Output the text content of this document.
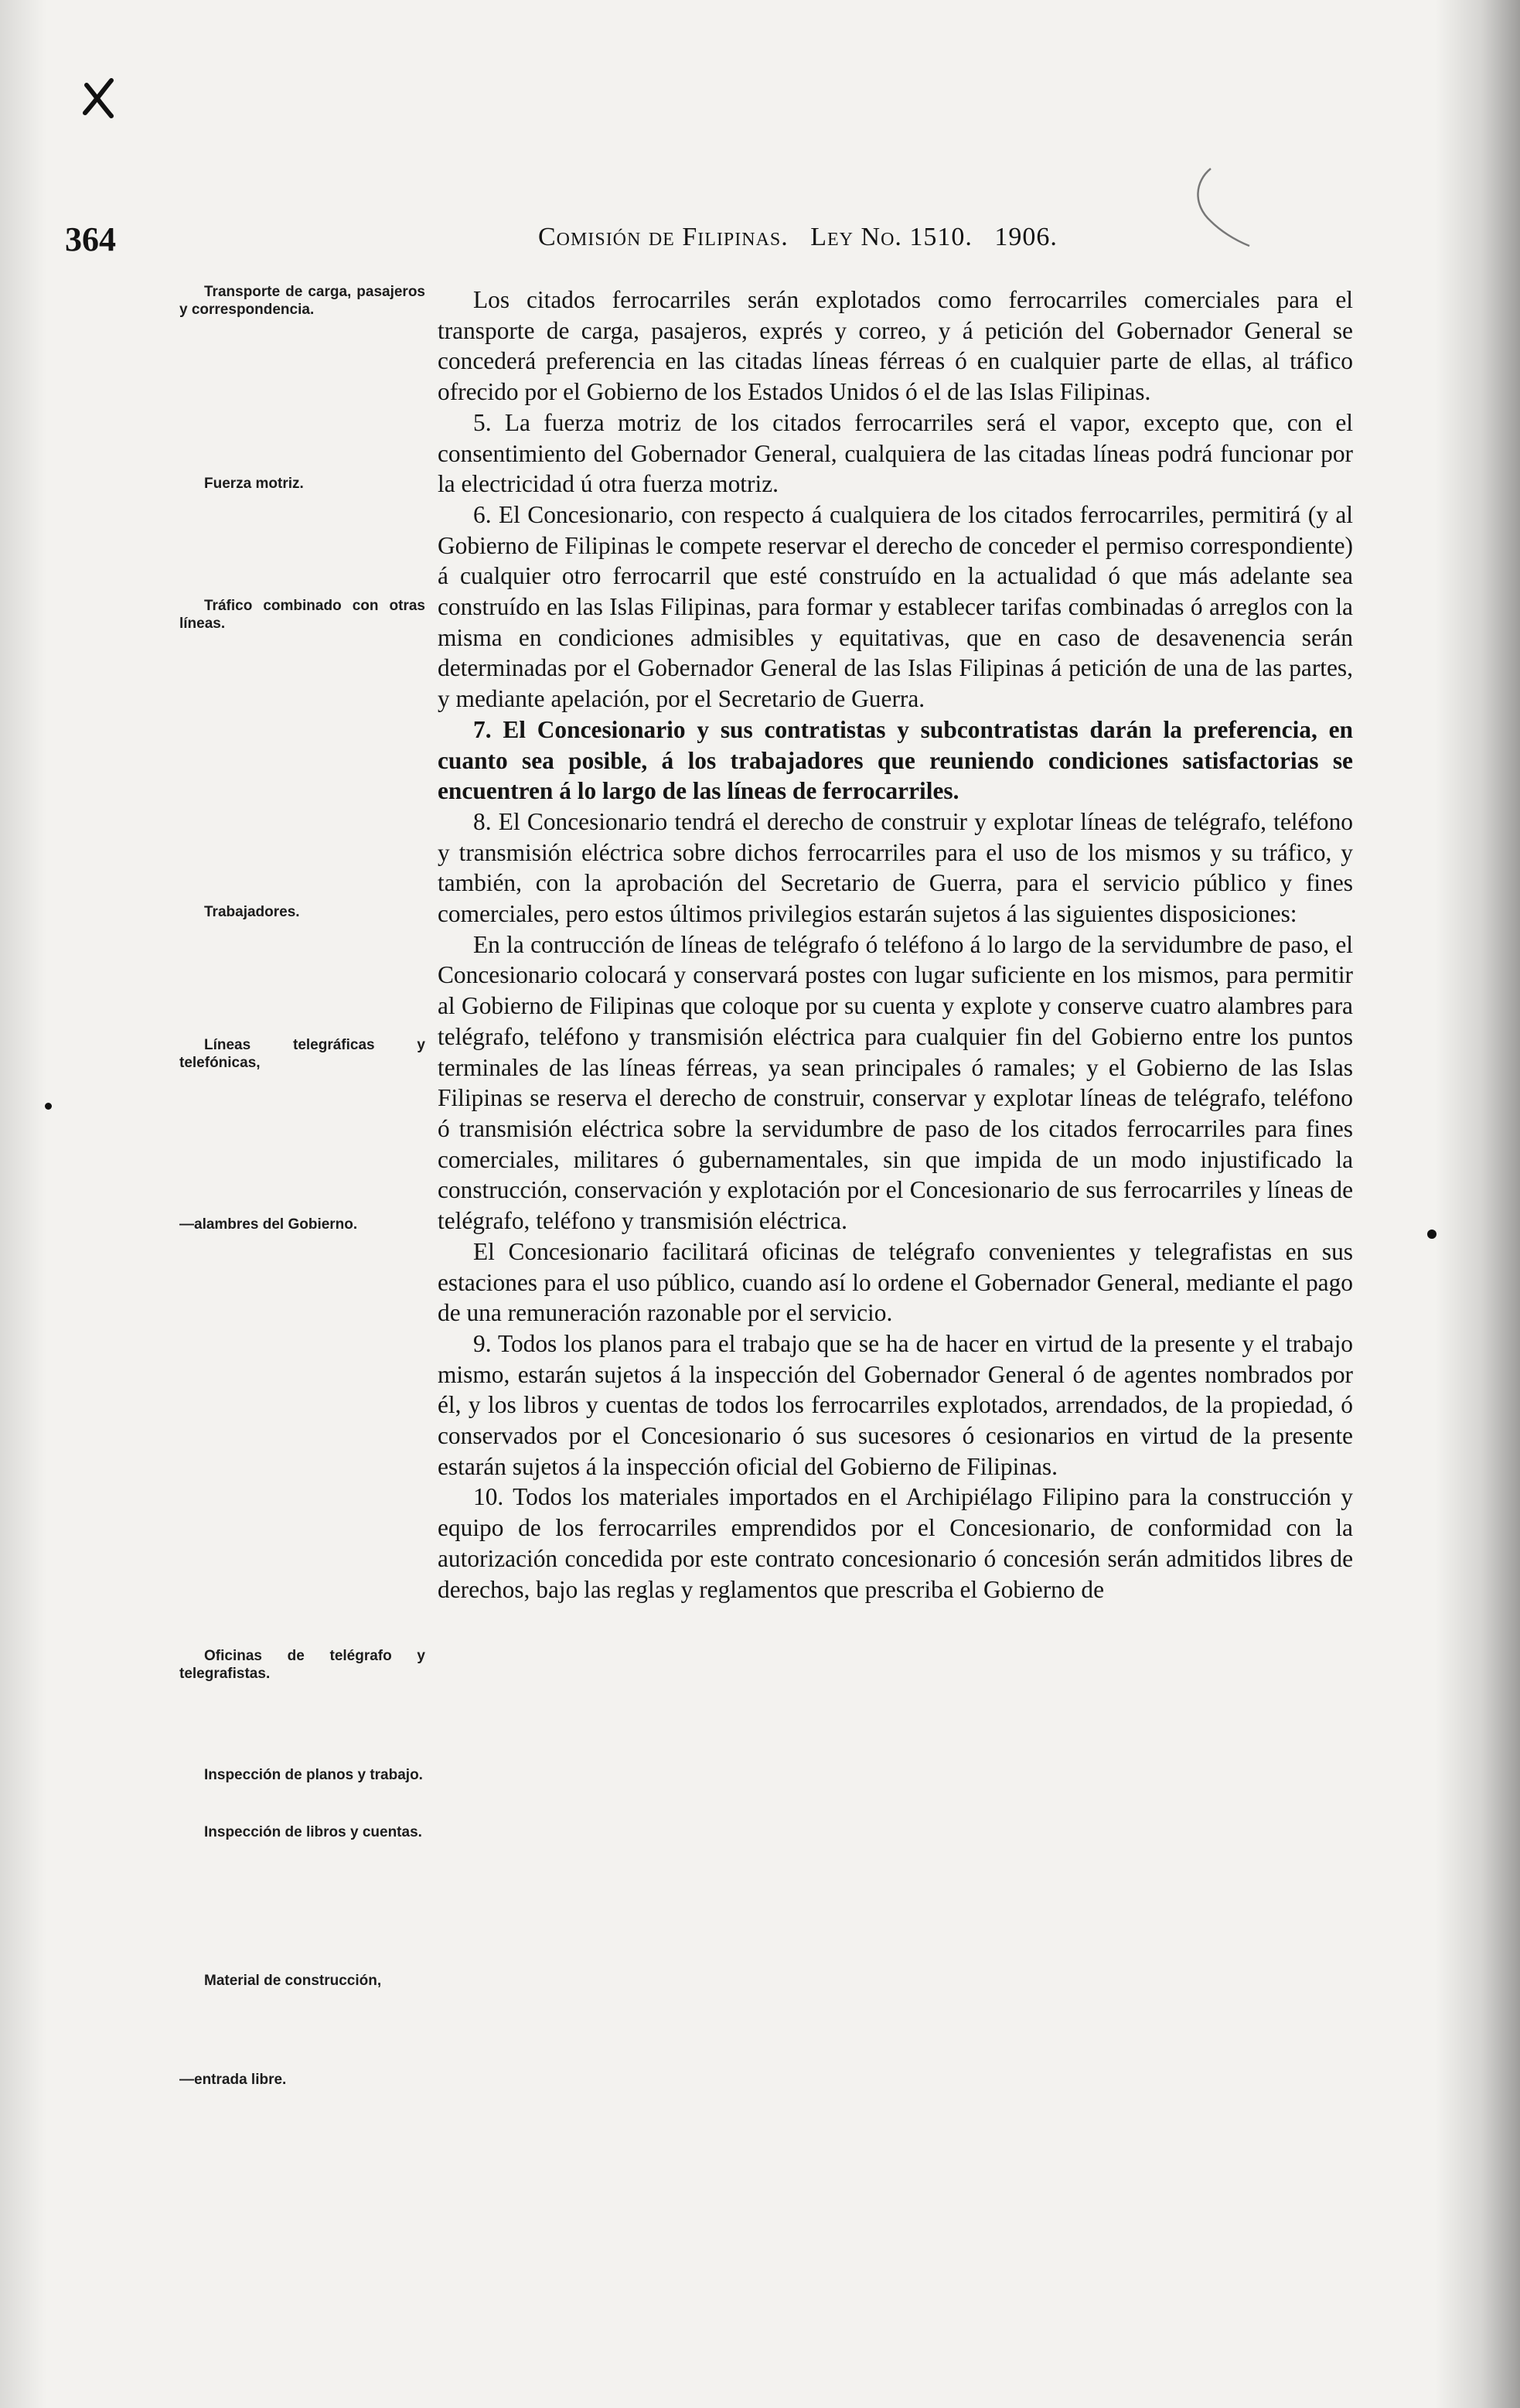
364	Comisión de Filipinas. Ley No. 1510. 1906.
Transporte de carga, pasajeros y correspondencia.
Fuerza motriz.
Tráfico combinado con otras líneas.
Trabajadores.
Líneas telegráficas y telefónicas,
—alambres del Gobierno.
Oficinas de telégrafo y telegrafistas.
Inspección de planos y trabajo.
Inspección de libros y cuentas.
Material de construcción,
—entrada libre.

Los citados ferrocarriles serán explotados como ferrocarriles comerciales para el transporte de carga, pasajeros, exprés y correo, y á petición del Gobernador General se concederá preferencia en las citadas líneas férreas ó en cualquier parte de ellas, al tráfico ofrecido por el Gobierno de los Estados Unidos ó el de las Islas Filipinas.

5. La fuerza motriz de los citados ferrocarriles será el vapor, excepto que, con el consentimiento del Gobernador General, cualquiera de las citadas líneas podrá funcionar por la electricidad ú otra fuerza motriz.

6. El Concesionario, con respecto á cualquiera de los citados ferrocarriles, permitirá (y al Gobierno de Filipinas le compete reservar el derecho de conceder el permiso correspondiente) á cualquier otro ferrocarril que esté construído en la actualidad ó que más adelante sea construído en las Islas Filipinas, para formar y establecer tarifas combinadas ó arreglos con la misma en condiciones admisibles y equitativas, que en caso de desavenencia serán determinadas por el Gobernador General de las Islas Filipinas á petición de una de las partes, y mediante apelación, por el Secretario de Guerra.

7. El Concesionario y sus contratistas y subcontratistas darán la preferencia, en cuanto sea posible, á los trabajadores que reuniendo condiciones satisfactorias se encuentren á lo largo de las líneas de ferrocarriles.

8. El Concesionario tendrá el derecho de construir y explotar líneas de telégrafo, teléfono y transmisión eléctrica sobre dichos ferrocarriles para el uso de los mismos y su tráfico, y también, con la aprobación del Secretario de Guerra, para el servicio público y fines comerciales, pero estos últimos privilegios estarán sujetos á las siguientes disposiciones:

En la contrucción de líneas de telégrafo ó teléfono á lo largo de la servidumbre de paso, el Concesionario colocará y conservará postes con lugar suficiente en los mismos, para permitir al Gobierno de Filipinas que coloque por su cuenta y explote y conserve cuatro alambres para telégrafo, teléfono y transmisión eléctrica para cualquier fin del Gobierno entre los puntos terminales de las líneas férreas, ya sean principales ó ramales; y el Gobierno de las Islas Filipinas se reserva el derecho de construir, conservar y explotar líneas de telégrafo, teléfono ó transmisión eléctrica sobre la servidumbre de paso de los citados ferrocarriles para fines comerciales, militares ó gubernamentales, sin que impida de un modo injustificado la construcción, conservación y explotación por el Concesionario de sus ferrocarriles y líneas de telégrafo, teléfono y transmisión eléctrica.

El Concesionario facilitará oficinas de telégrafo convenientes y telegrafistas en sus estaciones para el uso público, cuando así lo ordene el Gobernador General, mediante el pago de una remuneración razonable por el servicio.

9. Todos los planos para el trabajo que se ha de hacer en virtud de la presente y el trabajo mismo, estarán sujetos á la inspección del Gobernador General ó de agentes nombrados por él, y los libros y cuentas de todos los ferrocarriles explotados, arrendados, de la propiedad, ó conservados por el Concesionario ó sus sucesores ó cesionarios en virtud de la presente estarán sujetos á la inspección oficial del Gobierno de Filipinas.

10. Todos los materiales importados en el Archipiélago Filipino para la construcción y equipo de los ferrocarriles emprendidos por el Concesionario, de conformidad con la autorización concedida por este contrato concesionario ó concesión serán admitidos libres de derechos, bajo las reglas y reglamentos que prescriba el Gobierno de
